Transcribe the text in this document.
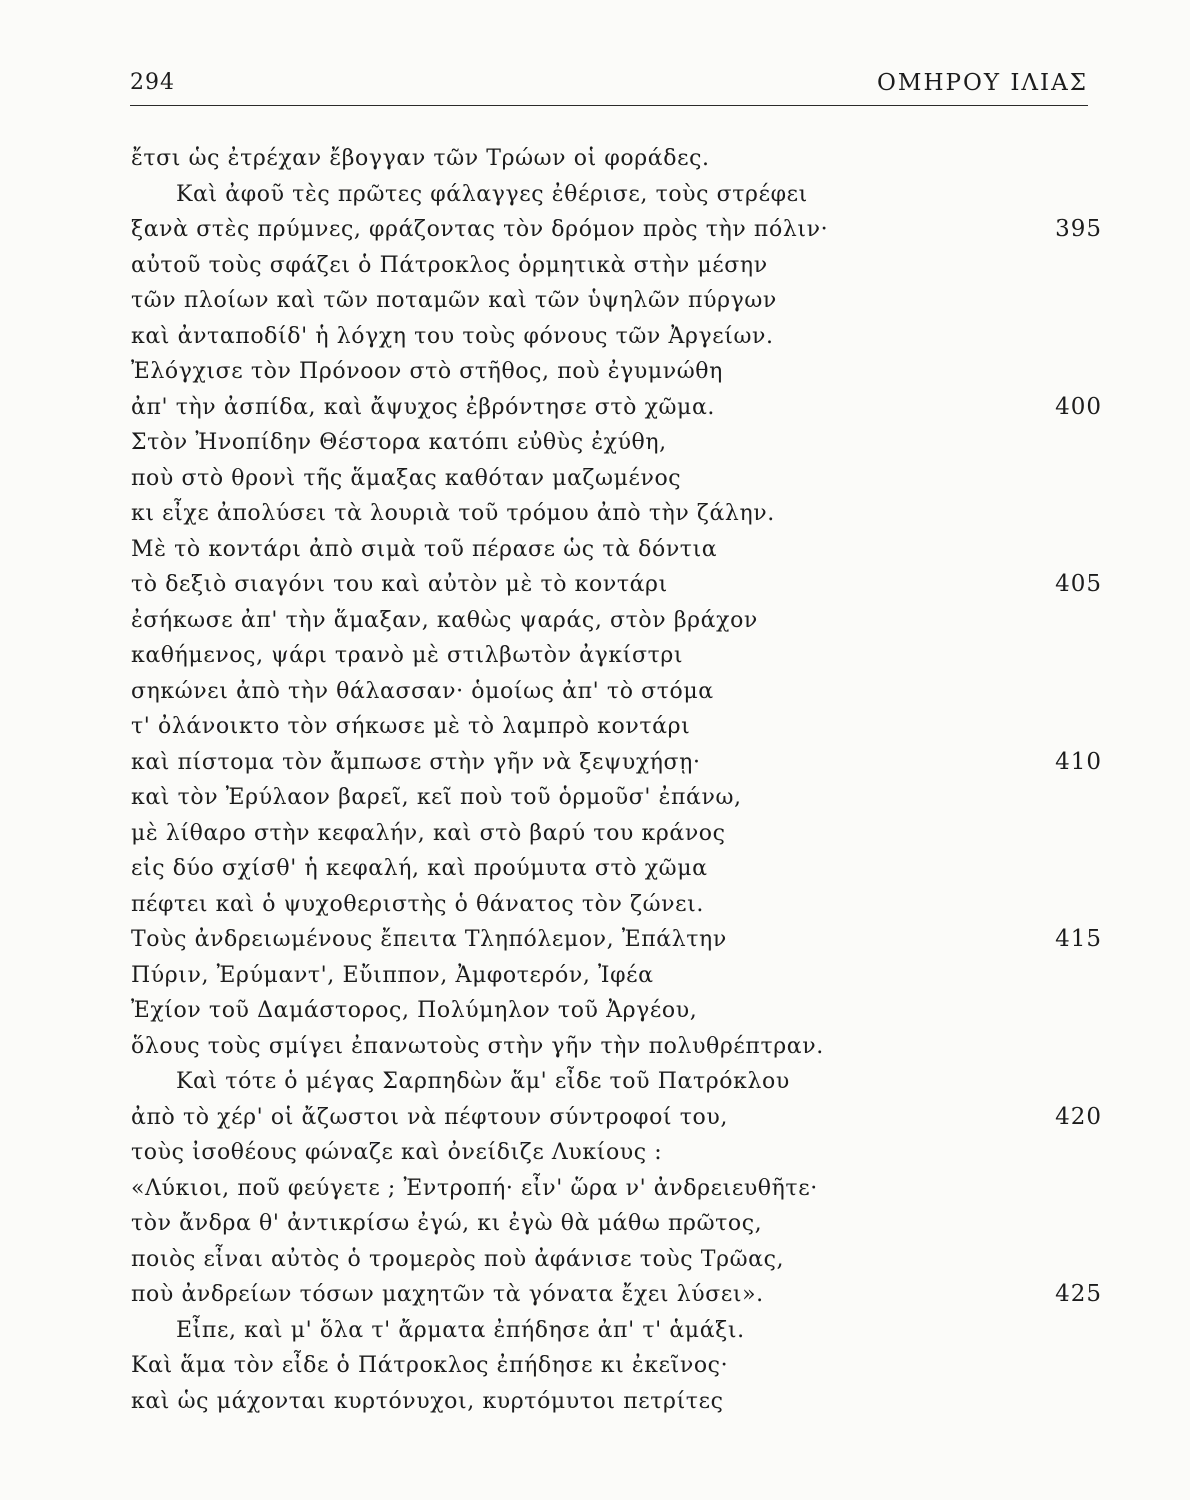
294	ΟΜΗΡΟΥ ΙΛΙΑΣ
ἔτσι ὡς ἐτρέχαν ἔβογγαν τῶν Τρώων οἱ φοράδες.
Καὶ ἀφοῦ τὲς πρῶτες φάλαγγες ἐθέρισε, τοὺς στρέφει
ξανὰ στὲς πρύμνες, φράζοντας τὸν δρόμον πρὸς τὴν πόλιν·	395
αὐτοῦ τοὺς σφάζει ὁ Πάτροκλος ὁρμητικὰ στὴν μέσην
τῶν πλοίων καὶ τῶν ποταμῶν καὶ τῶν ὑψηλῶν πύργων
καὶ ἀνταποδίδ' ἡ λόγχη του τοὺς φόνους τῶν Ἀργείων.
Ἐλόγχισε τὸν Πρόνοον στὸ στῆθος, ποὺ ἐγυμνώθη
ἀπ' τὴν ἀσπίδα, καὶ ἄψυχος ἐβρόντησε στὸ χῶμα.	400
Στὸν Ἠνοπίδην Θέστορα κατόπι εὐθὺς ἐχύθη,
ποὺ στὸ θρονὶ τῆς ἅμαξας καθόταν μαζωμένος
κι εἶχε ἀπολύσει τὰ λουριὰ τοῦ τρόμου ἀπὸ τὴν ζάλην.
Μὲ τὸ κοντάρι ἀπὸ σιμὰ τοῦ πέρασε ὡς τὰ δόντια
τὸ δεξιὸ σιαγόνι του καὶ αὐτὸν μὲ τὸ κοντάρι	405
ἐσήκωσε ἀπ' τὴν ἅμαξαν, καθὼς ψαράς, στὸν βράχον
καθήμενος, ψάρι τρανὸ μὲ στιλβωτὸν ἀγκίστρι
σηκώνει ἀπὸ τὴν θάλασσαν· ὁμοίως ἀπ' τὸ στόμα
τ' ὀλάνοικτο τὸν σήκωσε μὲ τὸ λαμπρὸ κοντάρι
καὶ πίστομα τὸν ἄμπωσε στὴν γῆν νὰ ξεψυχήσῃ·	410
καὶ τὸν Ἐρύλαον βαρεῖ, κεῖ ποὺ τοῦ ὁρμοῦσ' ἐπάνω,
μὲ λίθαρο στὴν κεφαλήν, καὶ στὸ βαρύ του κράνος
εἰς δύο σχίσθ' ἡ κεφαλή, καὶ προύμυτα στὸ χῶμα
πέφτει καὶ ὁ ψυχοθεριστὴς ὁ θάνατος τὸν ζώνει.
Τοὺς ἀνδρειωμένους ἔπειτα Τληπόλεμον, Ἐπάλτην	415
Πύριν, Ἐρύμαντ', Εὔιππον, Ἀμφοτερόν, Ἰφέα
Ἐχίον τοῦ Δαμάστορος, Πολύμηλον τοῦ Ἀργέου,
ὅλους τοὺς σμίγει ἐπανωτοὺς στὴν γῆν τὴν πολυθρέπτραν.
Καὶ τότε ὁ μέγας Σαρπηδὼν ἅμ' εἶδε τοῦ Πατρόκλου
ἀπὸ τὸ χέρ' οἱ ἄζωστοι νὰ πέφτουν σύντροφοί του,	420
τοὺς ἰσοθέους φώναζε καὶ ὀνείδιζε Λυκίους :
«Λύκιοι, ποῦ φεύγετε ; Ἐντροπή· εἶν' ὥρα ν' ἀνδρειευθῆτε·
τὸν ἄνδρα θ' ἀντικρίσω ἐγώ, κι ἐγὼ θὰ μάθω πρῶτος,
ποιὸς εἶναι αὐτὸς ὁ τρομερὸς ποὺ ἀφάνισε τοὺς Τρῶας,
ποὺ ἀνδρείων τόσων μαχητῶν τὰ γόνατα ἔχει λύσει».	425
Εἶπε, καὶ μ' ὅλα τ' ἄρματα ἐπήδησε ἀπ' τ' ἁμάξι.
Καὶ ἅμα τὸν εἶδε ὁ Πάτροκλος ἐπήδησε κι ἐκεῖνος·
καὶ ὡς μάχονται κυρτόνυχοι, κυρτόμυτοι πετρίτες
